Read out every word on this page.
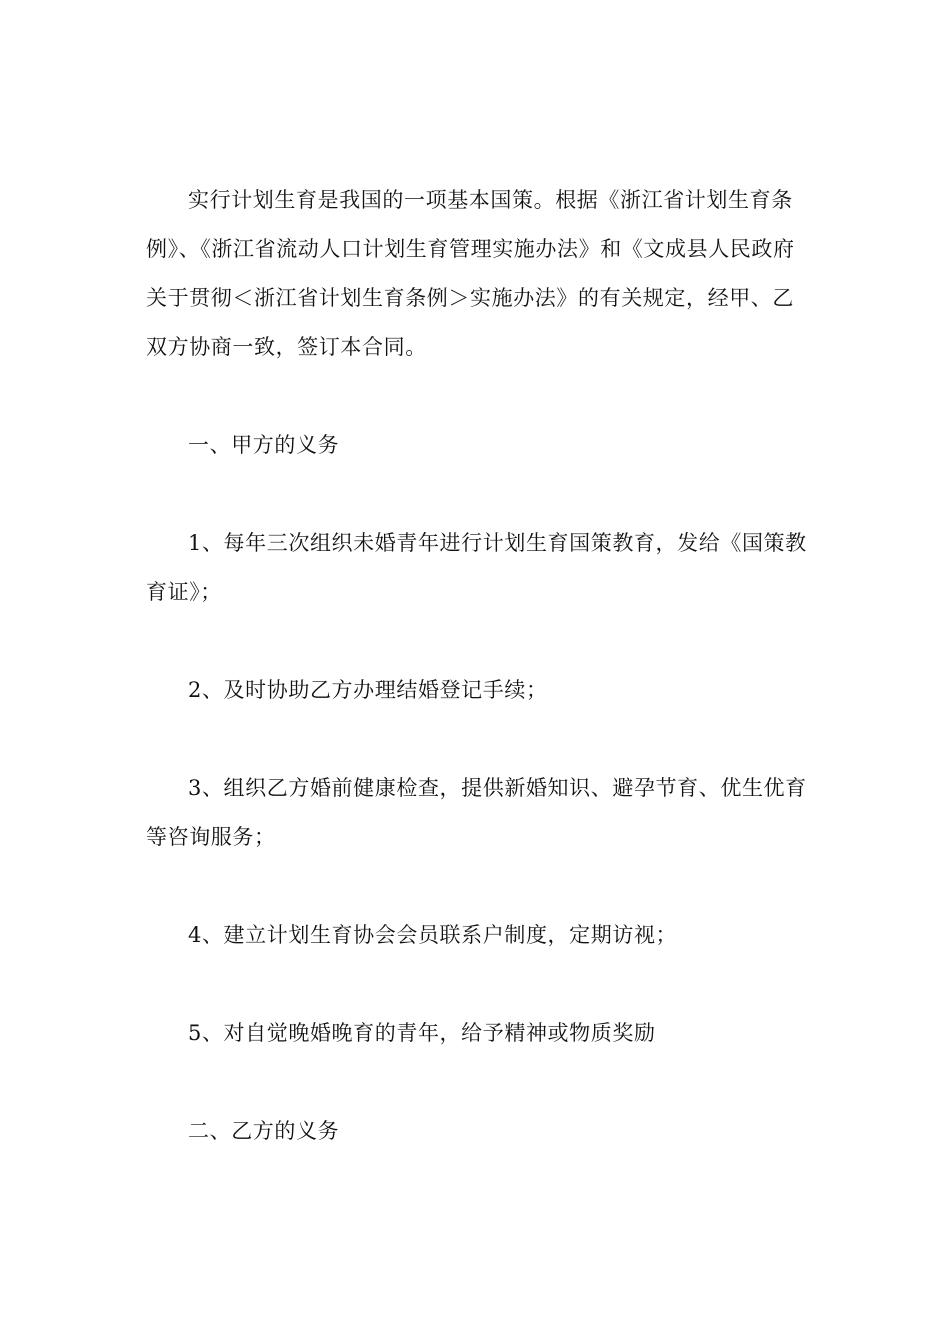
实行计划生育是我国的一项基本国策。根据《浙江省计划生育条例》、《浙江省流动人口计划生育管理实施办法》和《文成县人民政府关于贯彻＜浙江省计划生育条例＞实施办法》的有关规定，经甲、乙双方协商一致，签订本合同。

一、甲方的义务

1、每年三次组织未婚青年进行计划生育国策教育，发给《国策教育证》；

2、及时协助乙方办理结婚登记手续；

3、组织乙方婚前健康检查，提供新婚知识、避孕节育、优生优育等咨询服务；

4、建立计划生育协会会员联系户制度，定期访视；

5、对自觉晚婚晚育的青年，给予精神或物质奖励

二、乙方的义务
